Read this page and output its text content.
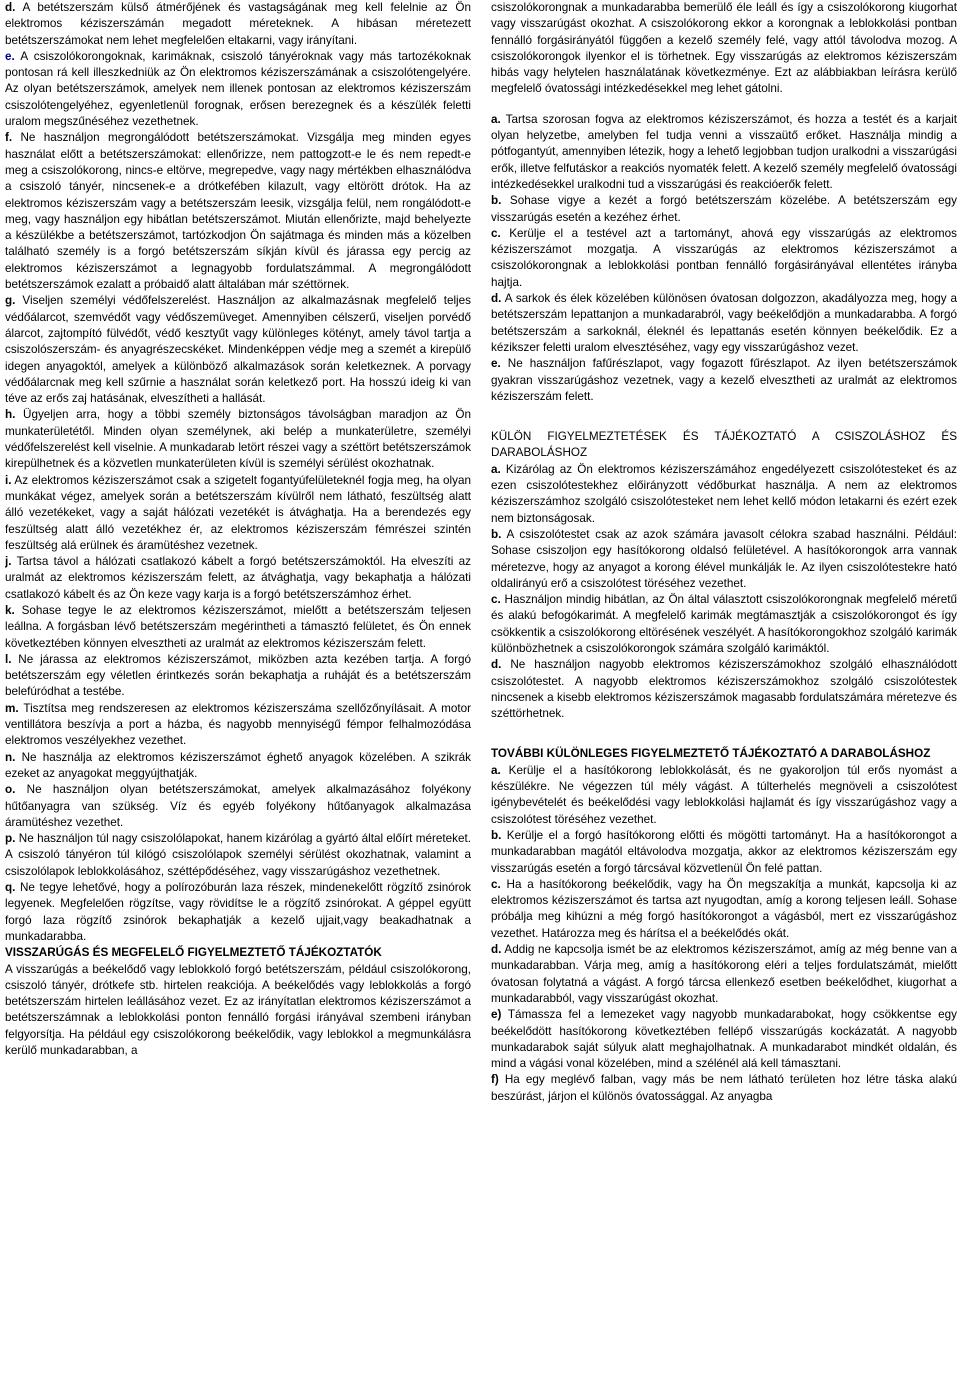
d. A betétszerszám külső átmérőjének és vastagságának meg kell felelnie az Ön elektromos kéziszerszámán megadott méreteknek. A hibásan méretezett betétszerszámokat nem lehet megfelelően eltakarni, vagy irányítani.

e. A csiszolókorongoknak, karimáknak, csiszoló tányéroknak vagy más tartozékoknak pontosan rá kell illeszkedniük az Ön elektromos kéziszerszámának a csiszolótengelyére. Az olyan betétszerszámok, amelyek nem illenek pontosan az elektromos kéziszerszám csiszolótengelyéhez, egyenletlenül forognak, erősen berezegnek és a készülék feletti uralom megszűnéséhez vezethetnek.

f. Ne használjon megrongálódott betétszerszámokat. Vizsgálja meg minden egyes használat előtt a betétszerszámokat: ellenőrizze, nem pattogzott-e le és nem repedt-e meg a csiszolókorong, nincs-e eltörve, megrepedve, vagy nagy mértékben elhasználódva a csiszoló tányér, nincsenek-e a drótkefében kilazult, vagy eltörött drótok. Ha az elektromos kéziszerszám vagy a betétszerszám leesik, vizsgálja felül, nem rongálódott-e meg, vagy használjon egy hibátlan betétszerszámot. Miután ellenőrizte, majd behelyezte a készülékbe a betétszerszámot, tartózkodjon Ön sajátmaga és minden más a közelben található személy is a forgó betétszerszám síkján kívül és járassa egy percig az elektromos kéziszerszámot a legnagyobb fordulatszámmal. A megrongálódott betétszerszámok ezalatt a próbaidő alatt általában már széttörnek.

g. Viseljen személyi védőfelszerelést. Használjon az alkalmazásnak megfelelő teljes védőálarcot, szemvédőt vagy védőszemüveget. Amennyiben célszerű, viseljen porvédő álarcot, zajtompító fülvédőt, védő kesztyűt vagy különleges kötényt, amely távol tartja a csiszolószerszám- és anyagrészecskéket. Mindenképpen védje meg a szemét a kirepülő idegen anyagoktól, amelyek a különböző alkalmazások során keletkeznek. A porvagy védőálarcnak meg kell szűrnie a használat során keletkező port. Ha hosszú ideig ki van téve az erős zaj hatásának, elveszítheti a hallását.

h. Ügyeljen arra, hogy a többi személy biztonságos távolságban maradjon az Ön munkaterületétől. Minden olyan személynek, aki belép a munkaterületre, személyi védőfelszerelést kell viselnie. A munkadarab letört részei vagy a széttört betétszerszámok kirepülhetnek és a közvetlen munkaterületen kívül is személyi sérülést okozhatnak.

i. Az elektromos kéziszerszámot csak a szigetelt fogantyúfelületeknél fogja meg, ha olyan munkákat végez, amelyek során a betétszerszám kívülről nem látható, feszültség alatt álló vezetékeket, vagy a saját hálózati vezetékét is átvághatja. Ha a berendezés egy feszültség alatt álló vezetékhez ér, az elektromos kéziszerszám fémrészei szintén feszültség alá erülnek és áramütéshez vezetnek.

j. Tartsa távol a hálózati csatlakozó kábelt a forgó betétszerszámoktól. Ha elveszíti az uralmát az elektromos kéziszerszám felett, az átvághatja, vagy bekaphatja a hálózati csatlakozó kábelt és az Ön keze vagy karja is a forgó betétszerszámhoz érhet.

k. Sohase tegye le az elektromos kéziszerszámot, mielőtt a betétszerszám teljesen leállna. A forgásban lévő betétszerszám megérintheti a támasztó felületet, és Ön ennek következtében könnyen elvesztheti az uralmát az elektromos kéziszerszám felett.

l. Ne járassa az elektromos kéziszerszámot, miközben azta kezében tartja. A forgó betétszerszám egy véletlen érintkezés során bekaphatja a ruháját és a betétszerszám belefúródhat a testébe.

m. Tisztítsa meg rendszeresen az elektromos kéziszerszáma szellőzőnyílásait. A motor ventillátora beszívja a port a házba, és nagyobb mennyiségű fémpor felhalmozódása elektromos veszélyekhez vezethet.

n. Ne használja az elektromos kéziszerszámot éghető anyagok közelében. A szikrák ezeket az anyagokat meggyújthatják.

o. Ne használjon olyan betétszerszámokat, amelyek alkalmazásához folyékony hűtőanyagra van szükség. Víz és egyéb folyékony hűtőanyagok alkalmazása áramütéshez vezethet.

p. Ne használjon túl nagy csiszolólapokat, hanem kizárólag a gyártó által előírt méreteket. A csiszoló tányéron túl kilógó csiszolólapok személyi sérülést okozhatnak, valamint a csiszolólapok leblokkolásához, széttépődéséhez, vagy visszarúgáshoz vezethetnek.

q. Ne tegye lehetővé, hogy a polírozóburán laza részek, mindenekelőtt rögzítő zsinórok legyenek. Megfelelően rögzítse, vagy rövidítse le a rögzítő zsinórokat. A géppel együtt forgó laza rögzítő zsinórok bekaphatják a kezelő ujjait,vagy beakadhatnak a munkadarabba.

VISSZARÚGÁS ÉS MEGFELELŐ FIGYELMEZTETŐ TÁJÉKOZTATÓK

A visszarúgás a beékelődő vagy leblokkoló forgó betétszerszám, például csiszolókorong, csiszoló tányér, drótkefe stb. hirtelen reakciója. A beékelődés vagy leblokkolás a forgó betétszerszám hirtelen leállásához vezet. Ez az irányítatlan elektromos kéziszerszámot a betétszerszámnak a leblokkolási ponton fennálló forgási irányával szembeni irányban felgyorsítja. Ha például egy csiszolókorong beékelődik, vagy leblokkol a megmunkálásra kerülő munkadarabban, a

csiszolókorongnak a munkadarabba bemerülő éle leáll és így a csiszolókorong kiugorhat vagy visszarúgást okozhat. A csiszolókorong ekkor a korongnak a leblokkolási pontban fennálló forgásirányától függően a kezelő személy felé, vagy attól távolodva mozog. A csiszolókorongok ilyenkor el is törhetnek. Egy visszarúgás az elektromos kéziszerszám hibás vagy helytelen használatának következménye. Ezt az alábbiakban leírásra kerülő megfelelő óvatossági intézkedésekkel meg lehet gátolni.

a. Tartsa szorosan fogva az elektromos kéziszerszámot, és hozza a testét és a karjait olyan helyzetbe, amelyben fel tudja venni a visszaütő erőket. Használja mindig a pótfogantyút, amennyiben létezik, hogy a lehető legjobban tudjon uralkodni a visszarúgási erők, illetve felfutáskor a reakciós nyomaték felett. A kezelő személy megfelelő óvatossági intézkedésekkel uralkodni tud a visszarúgási és reakcióerők felett.

b. Sohase vigye a kezét a forgó betétszerszám közelébe. A betétszerszám egy visszarúgás esetén a kezéhez érhet.

c. Kerülje el a testével azt a tartományt, ahová egy visszarúgás az elektromos kéziszerszámot mozgatja. A visszarúgás az elektromos kéziszerszámot a csiszolókorongnak a leblokkolási pontban fennálló forgásirányával ellentétes irányba hajtja.

d. A sarkok és élek közelében különösen óvatosan dolgozzon, akadályozza meg, hogy a betétszerszám lepattanjon a munkadarabról, vagy beékelődjön a munkadarabba. A forgó betétszerszám a sarkoknál, éleknél és lepattanás esetén könnyen beékelődik. Ez a kézikszer feletti uralom elvesztéséhez, vagy egy visszarúgáshoz vezet.

e. Ne használjon fafűrészlapot, vagy fogazott fűrészlapot. Az ilyen betétszerszámok gyakran visszarúgáshoz vezetnek, vagy a kezelő elvesztheti az uralmát az elektromos kéziszerszám felett.

KÜLÖN FIGYELMEZTETÉSEK ÉS TÁJÉKOZTATÓ A CSISZOLÁSHOZ ÉS DARABOLÁSHOZ

a. Kizárólag az Ön elektromos kéziszerszámához engedélyezett csiszolótesteket és az ezen csiszolótestekhez előirányzott védőburkat használja. A nem az elektromos kéziszerszámhoz szolgáló csiszolótesteket nem lehet kellő módon letakarni és ezért ezek nem biztonságosak.

b. A csiszolótestet csak az azok számára javasolt célokra szabad használni. Például: Sohase csiszoljon egy hasítókorong oldalsó felületével. A hasítókorongok arra vannak méretezve, hogy az anyagot a korong élével munkálják le. Az ilyen csiszolótestekre ható oldalirányú erő a csiszolótest töréséhez vezethet.

c. Használjon mindig hibátlan, az Ön által választott csiszolókorongnak megfelelő méretű és alakú befogókarimát. A megfelelő karimák megtámasztják a csiszolókorongot és így csökkentik a csiszolókorong eltörésének veszélyét. A hasítókorongokhoz szolgáló karimák különbözhetnek a csiszolókorongok számára szolgáló karimáktól.

d. Ne használjon nagyobb elektromos kéziszerszámokhoz szolgáló elhasználódott csiszolótestet. A nagyobb elektromos kéziszerszámokhoz szolgáló csiszolótestek nincsenek a kisebb elektromos kéziszerszámok magasabb fordulatszámára méretezve és széttörhetnek.

TOVÁBBI KÜLÖNLEGES FIGYELMEZTETŐ TÁJÉKOZTATÓ A DARABOLÁSHOZ

a. Kerülje el a hasítókorong leblokkolását, és ne gyakoroljon túl erős nyomást a készülékre. Ne végezzen túl mély vágást. A túlterhelés megnöveli a csiszolótest igénybevételét és beékelődési vagy leblokkolási hajlamát és így visszarúgáshoz vagy a csiszolótest töréséhez vezethet.

b. Kerülje el a forgó hasítókorong előtti és mögötti tartományt. Ha a hasítókorongot a munkadarabban magától eltávolodva mozgatja, akkor az elektromos kéziszerszám egy visszarúgás esetén a forgó tárcsával közvetlenül Ön felé pattan.

c. Ha a hasítókorong beékelődik, vagy ha Ön megszakítja a munkát, kapcsolja ki az elektromos kéziszerszámot és tartsa azt nyugodtan, amíg a korong teljesen leáll. Sohase próbálja meg kihúzni a még forgó hasítókorongot a vágásból, mert ez visszarúgáshoz vezethet. Határozza meg és hárítsa el a beékelődés okát.

d. Addig ne kapcsolja ismét be az elektromos kéziszerszámot, amíg az még benne van a munkadarabban. Várja meg, amíg a hasítókorong eléri a teljes fordulatszámát, mielőtt óvatosan folytatná a vágást. A forgó tárcsa ellenkező esetben beékelődhet, kiugorhat a munkadarabból, vagy visszarúgást okozhat.

e) Támassza fel a lemezeket vagy nagyobb munkadarabokat, hogy csökkentse egy beékelődött hasítókorong következtében fellépő visszarúgás kockázatát. A nagyobb munkadarabok saját súlyuk alatt meghajolhatnak. A munkadarabot mindkét oldalán, és mind a vágási vonal közelében, mind a szélénél alá kell támasztani.

f) Ha egy meglévő falban, vagy más be nem látható területen hoz létre táska alakú beszúrást, járjon el különös óvatossággal. Az anyagba
